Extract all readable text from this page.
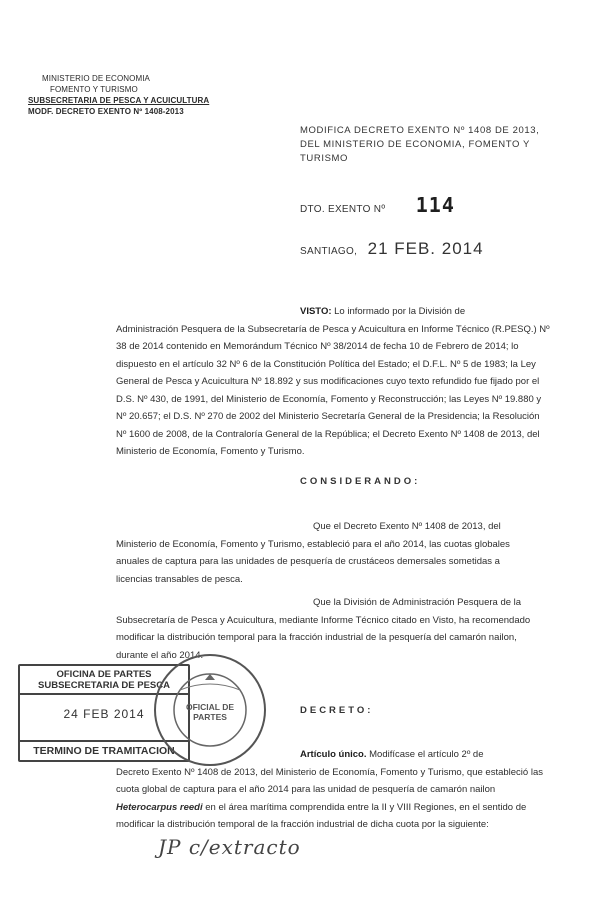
MINISTERIO DE ECONOMIA
FOMENTO Y TURISMO
SUBSECRETARIA DE PESCA Y ACUICULTURA
MODF. DECRETO EXENTO Nº 1408-2013
MODIFICA DECRETO EXENTO Nº 1408 DE 2013,
DEL MINISTERIO DE ECONOMIA, FOMENTO Y
TURISMO
DTO. EXENTO Nº 114
SANTIAGO, 21 FEB. 2014
VISTO: Lo informado por la División de
Administración Pesquera de la Subsecretaría de Pesca y Acuicultura en Informe Técnico (R.PESQ.) Nº
38 de 2014 contenido en Memorándum Técnico Nº 38/2014 de fecha 10 de Febrero de 2014; lo
dispuesto en el artículo 32 Nº 6 de la Constitución Política del Estado; el D.F.L. Nº 5 de 1983; la Ley
General de Pesca y Acuicultura Nº 18.892 y sus modificaciones cuyo texto refundido fue fijado por el
D.S. Nº 430, de 1991, del Ministerio de Economía, Fomento y Reconstrucción; las Leyes Nº 19.880 y
Nº 20.657; el D.S. Nº 270 de 2002 del Ministerio Secretaría General de la Presidencia; la Resolución
Nº 1600 de 2008, de la Contraloría General de la República; el Decreto Exento Nº 1408 de 2013, del
Ministerio de Economía, Fomento y Turismo.
CONSIDERANDO:
Que el Decreto Exento Nº 1408 de 2013, del
Ministerio de Economía, Fomento y Turismo, estableció para el año 2014, las cuotas globales
anuales de captura para las unidades de pesquería de crustáceos demersales sometidas a
licencias transables de pesca.
Que la División de Administración Pesquera de la
Subsecretaría de Pesca y Acuicultura, mediante Informe Técnico citado en Visto, ha recomendado
modificar la distribución temporal para la fracción industrial de la pesquería del camarón nailon,
durante el año 2014.
OFICINA DE PARTES
SUBSECRETARIA DE PESCA
24 FEB 2014
TERMINO DE TRAMITACION
OFICIAL DE PARTES
DECRETO:
Artículo único. Modifícase el artículo 2º de
Decreto Exento Nº 1408 de 2013, del Ministerio de Economía, Fomento y Turismo, que estableció las
cuota global de captura para el año 2014 para las unidad de pesquería de camarón nailon
Heterocarpus reedi en el área marítima comprendida entre la II y VIII Regiones, en el sentido de
modificar la distribución temporal de la fracción industrial de dicha cuota por la siguiente:
JP c/extracto
